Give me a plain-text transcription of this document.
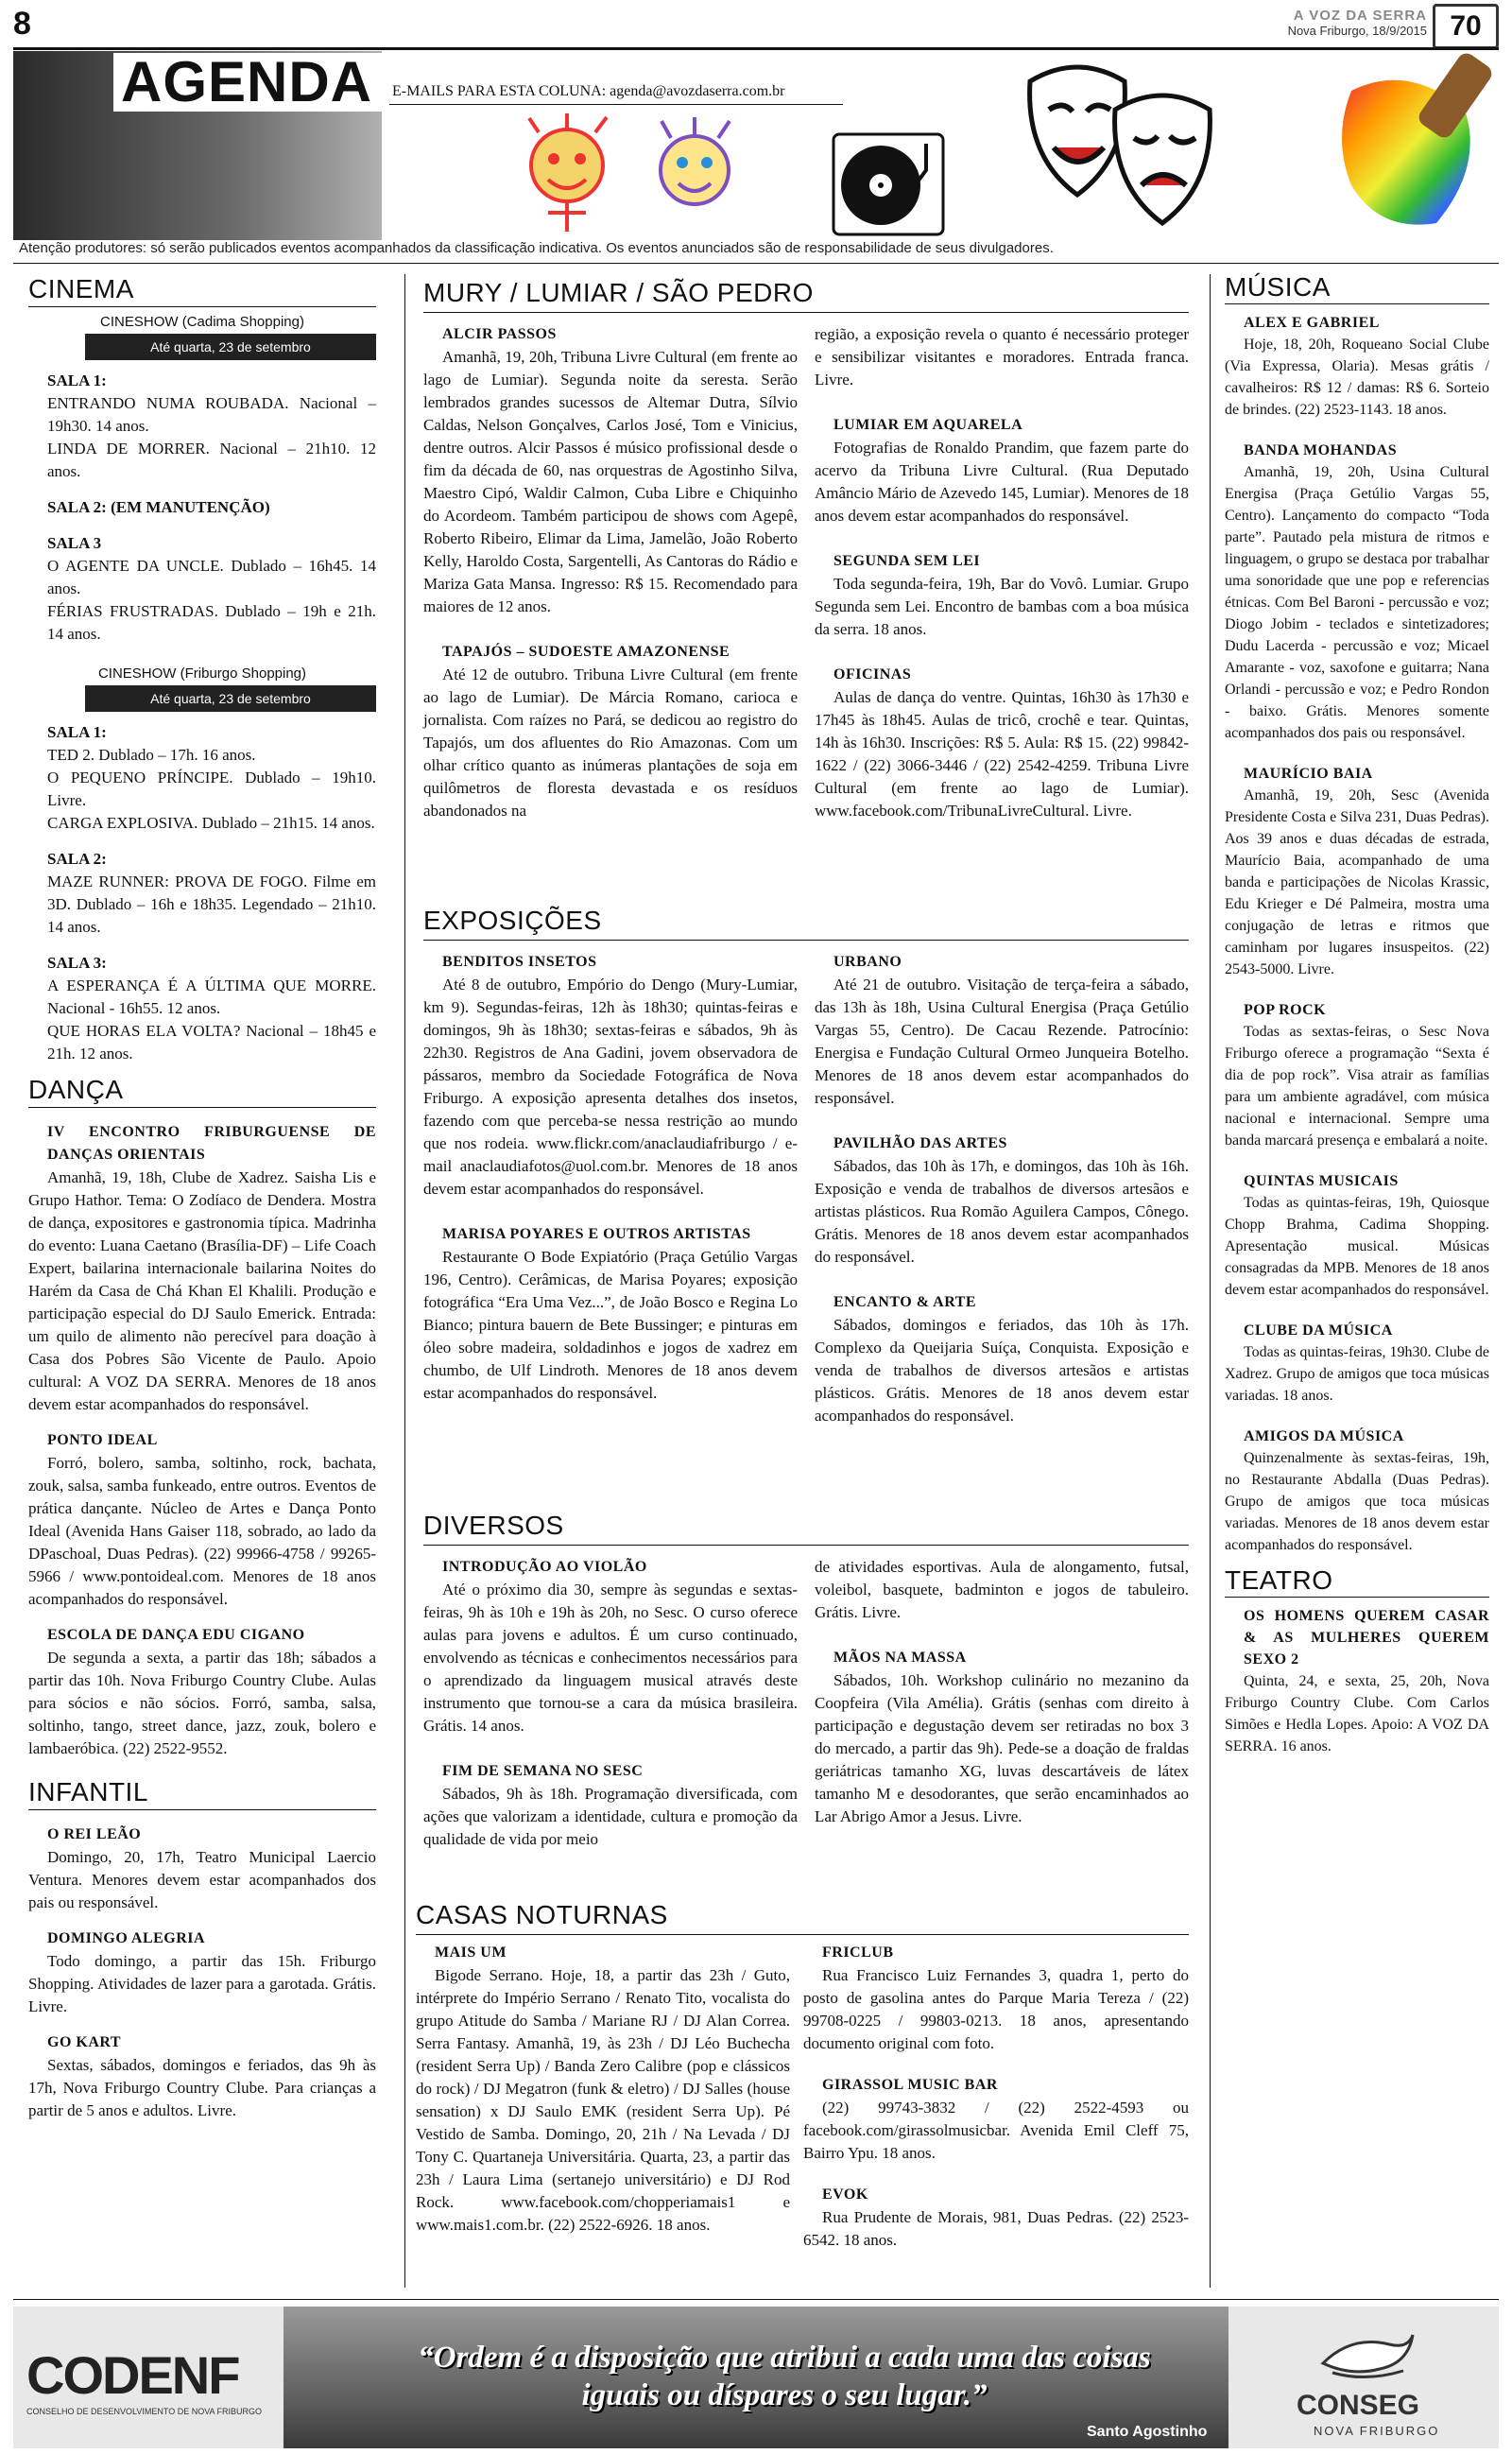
8	A VOZ DA SERRA
Nova Friburgo, 18/9/2015 70
AGENDA E-MAILS PARA ESTA COLUNA: agenda@avozdaserra.com.br
Atenção produtores: só serão publicados eventos acompanhados da classificação indicativa. Os eventos anunciados são de responsabilidade de seus divulgadores.
CINEMA
CINESHOW (Cadima Shopping)
Até quarta, 23 de setembro
SALA 1:
ENTRANDO NUMA ROUBADA. Nacional – 19h30. 14 anos.
LINDA DE MORRER. Nacional – 21h10. 12 anos.
SALA 2: (EM MANUTENÇÃO)
SALA 3
O AGENTE DA UNCLE. Dublado – 16h45. 14 anos.
FÉRIAS FRUSTRADAS. Dublado – 19h e 21h. 14 anos.
CINESHOW (Friburgo Shopping)
Até quarta, 23 de setembro
SALA 1:
TED 2. Dublado – 17h. 16 anos.
O PEQUENO PRÍNCIPE. Dublado – 19h10. Livre.
CARGA EXPLOSIVA. Dublado – 21h15. 14 anos.
SALA 2:
MAZE RUNNER: PROVA DE FOGO. Filme em 3D. Dublado – 16h e 18h35. Legendado – 21h10. 14 anos.
SALA 3:
A ESPERANÇA É A ÚLTIMA QUE MORRE. Nacional - 16h55. 12 anos.
QUE HORAS ELA VOLTA? Nacional – 18h45 e 21h. 12 anos.
DANÇA
IV ENCONTRO FRIBURGUENSE DE DANÇAS ORIENTAIS
Amanhã, 19, 18h, Clube de Xadrez. Saisha Lis e Grupo Hathor. Tema: O Zodíaco de Dendera. Mostra de dança, expositores e gastronomia típica. Madrinha do evento: Luana Caetano (Brasília-DF) – Life Coach Expert, bailarina internacionale bailarina Noites do Harém da Casa de Chá Khan El Khalili. Produção e participação especial do DJ Saulo Emerick. Entrada: um quilo de alimento não perecível para doação à Casa dos Pobres São Vicente de Paulo. Apoio cultural: A VOZ DA SERRA. Menores de 18 anos devem estar acompanhados do responsável.
PONTO IDEAL
Forró, bolero, samba, soltinho, rock, bachata, zouk, salsa, samba funkeado, entre outros. Eventos de prática dançante. Núcleo de Artes e Dança Ponto Ideal (Avenida Hans Gaiser 118, sobrado, ao lado da DPaschoal, Duas Pedras). (22) 99966-4758 / 99265-5966 / www.pontoideal.com. Menores de 18 anos acompanhados do responsável.
ESCOLA DE DANÇA EDU CIGANO
De segunda a sexta, a partir das 18h; sábados a partir das 10h. Nova Friburgo Country Clube. Aulas para sócios e não sócios. Forró, samba, salsa, soltinho, tango, street dance, jazz, zouk, bolero e lambaeróbica. (22) 2522-9552.
INFANTIL
O REI LEÃO
Domingo, 20, 17h, Teatro Municipal Laercio Ventura. Menores devem estar acompanhados dos pais ou responsável.
DOMINGO ALEGRIA
Todo domingo, a partir das 15h. Friburgo Shopping. Atividades de lazer para a garotada. Grátis. Livre.
GO KART
Sextas, sábados, domingos e feriados, das 9h às 17h, Nova Friburgo Country Clube. Para crianças a partir de 5 anos e adultos. Livre.
MURY / LUMIAR / SÃO PEDRO
ALCIR PASSOS
Amanhã, 19, 20h, Tribuna Livre Cultural (em frente ao lago de Lumiar). Segunda noite da seresta. Serão lembrados grandes sucessos de Altemar Dutra, Sílvio Caldas, Nelson Gonçalves, Carlos José, Tom e Vinicius, dentre outros. Alcir Passos é músico profissional desde o fim da década de 60, nas orquestras de Agostinho Silva, Maestro Cipó, Waldir Calmon, Cuba Libre e Chiquinho do Acordeom. Também participou de shows com Agepê, Roberto Ribeiro, Elimar da Lima, Jamelão, João Roberto Kelly, Haroldo Costa, Sargentelli, As Cantoras do Rádio e Mariza Gata Mansa. Ingresso: R$ 15. Recomendado para maiores de 12 anos.
TAPAJÓS – SUDOESTE AMAZONENSE
Até 12 de outubro. Tribuna Livre Cultural (em frente ao lago de Lumiar). De Márcia Romano, carioca e jornalista. Com raízes no Pará, se dedicou ao registro do Tapajós, um dos afluentes do Rio Amazonas. Com um olhar crítico quanto as inúmeras plantações de soja em quilômetros de floresta devastada e os resíduos abandonados na
região, a exposição revela o quanto é necessário proteger e sensibilizar visitantes e moradores. Entrada franca. Livre.
LUMIAR EM AQUARELA
Fotografias de Ronaldo Prandim, que fazem parte do acervo da Tribuna Livre Cultural. (Rua Deputado Amâncio Mário de Azevedo 145, Lumiar). Menores de 18 anos devem estar acompanhados do responsável.
SEGUNDA SEM LEI
Toda segunda-feira, 19h, Bar do Vovô. Lumiar. Grupo Segunda sem Lei. Encontro de bambas com a boa música da serra. 18 anos.
OFICINAS
Aulas de dança do ventre. Quintas, 16h30 às 17h30 e 17h45 às 18h45. Aulas de tricô, crochê e tear. Quintas, 14h às 16h30. Inscrições: R$ 5. Aula: R$ 15. (22) 99842-1622 / (22) 3066-3446 / (22) 2542-4259. Tribuna Livre Cultural (em frente ao lago de Lumiar). www.facebook.com/TribunaLivreCultural. Livre.
EXPOSIÇÕES
BENDITOS INSETOS
Até 8 de outubro, Empório do Dengo (Mury-Lumiar, km 9). Segundas-feiras, 12h às 18h30; quintas-feiras e domingos, 9h às 18h30; sextas-feiras e sábados, 9h às 22h30. Registros de Ana Gadini, jovem observadora de pássaros, membro da Sociedade Fotográfica de Nova Friburgo. A exposição apresenta detalhes dos insetos, fazendo com que perceba-se nessa restrição ao mundo que nos rodeia. www.flickr.com/anaclaudiafriburgo / e-mail anaclaudiafotos@uol.com.br. Menores de 18 anos devem estar acompanhados do responsável.
MARISA POYARES E OUTROS ARTISTAS
Restaurante O Bode Expiatório (Praça Getúlio Vargas 196, Centro). Cerâmicas, de Marisa Poyares; exposição fotográfica “Era Uma Vez...”, de João Bosco e Regina Lo Bianco; pintura bauern de Bete Bussinger; e pinturas em óleo sobre madeira, soldadinhos e jogos de xadrez em chumbo, de Ulf Lindroth. Menores de 18 anos devem estar acompanhados do responsável.
URBANO
Até 21 de outubro. Visitação de terça-feira a sábado, das 13h às 18h, Usina Cultural Energisa (Praça Getúlio Vargas 55, Centro). De Cacau Rezende. Patrocínio: Energisa e Fundação Cultural Ormeo Junqueira Botelho. Menores de 18 anos devem estar acompanhados do responsável.
PAVILHÃO DAS ARTES
Sábados, das 10h às 17h, e domingos, das 10h às 16h. Exposição e venda de trabalhos de diversos artesãos e artistas plásticos. Rua Romão Aguilera Campos, Cônego. Grátis. Menores de 18 anos devem estar acompanhados do responsável.
ENCANTO & ARTE
Sábados, domingos e feriados, das 10h às 17h. Complexo da Queijaria Suíça, Conquista. Exposição e venda de trabalhos de diversos artesãos e artistas plásticos. Grátis. Menores de 18 anos devem estar acompanhados do responsável.
DIVERSOS
INTRODUÇÃO AO VIOLÃO
Até o próximo dia 30, sempre às segundas e sextas-feiras, 9h às 10h e 19h às 20h, no Sesc. O curso oferece aulas para jovens e adultos. É um curso continuado, envolvendo as técnicas e conhecimentos necessários para o aprendizado da linguagem musical através deste instrumento que tornou-se a cara da música brasileira. Grátis. 14 anos.
FIM DE SEMANA NO SESC
Sábados, 9h às 18h. Programação diversificada, com ações que valorizam a identidade, cultura e promoção da qualidade de vida por meio
de atividades esportivas. Aula de alongamento, futsal, voleibol, basquete, badminton e jogos de tabuleiro. Grátis. Livre.
MÃOS NA MASSA
Sábados, 10h. Workshop culinário no mezanino da Coopfeira (Vila Amélia). Grátis (senhas com direito à participação e degustação devem ser retiradas no box 3 do mercado, a partir das 9h). Pede-se a doação de fraldas geriátricas tamanho XG, luvas descartáveis de látex tamanho M e desodorantes, que serão encaminhados ao Lar Abrigo Amor a Jesus. Livre.
CASAS NOTURNAS
MAIS UM
Bigode Serrano. Hoje, 18, a partir das 23h / Guto, intérprete do Império Serrano / Renato Tito, vocalista do grupo Atitude do Samba / Mariane RJ / DJ Alan Correa. Serra Fantasy. Amanhã, 19, às 23h / DJ Léo Buchecha (resident Serra Up) / Banda Zero Calibre (pop e clássicos do rock) / DJ Megatron (funk & eletro) / DJ Salles (house sensation) x DJ Saulo EMK (resident Serra Up). Pé Vestido de Samba. Domingo, 20, 21h / Na Levada / DJ Tony C. Quartaneja Universitária. Quarta, 23, a partir das 23h / Laura Lima (sertanejo universitário) e DJ Rod Rock. www.facebook.com/chopperiamais1 e www.mais1.com.br. (22) 2522-6926. 18 anos.
FRICLUB
Rua Francisco Luiz Fernandes 3, quadra 1, perto do posto de gasolina antes do Parque Maria Tereza / (22) 99708-0225 / 99803-0213. 18 anos, apresentando documento original com foto.
GIRASSOL MUSIC BAR
(22) 99743-3832 / (22) 2522-4593 ou facebook.com/girassolmusicbar. Avenida Emil Cleff 75, Bairro Ypu. 18 anos.
EVOK
Rua Prudente de Morais, 981, Duas Pedras. (22) 2523-6542. 18 anos.
MÚSICA
ALEX E GABRIEL
Hoje, 18, 20h, Roqueano Social Clube (Via Expressa, Olaria). Mesas grátis / cavalheiros: R$ 12 / damas: R$ 6. Sorteio de brindes. (22) 2523-1143. 18 anos.
BANDA MOHANDAS
Amanhã, 19, 20h, Usina Cultural Energisa (Praça Getúlio Vargas 55, Centro). Lançamento do compacto “Toda parte”. Pautado pela mistura de ritmos e linguagem, o grupo se destaca por trabalhar uma sonoridade que une pop e referencias étnicas. Com Bel Baroni - percussão e voz; Diogo Jobim - teclados e sintetizadores; Dudu Lacerda - percussão e voz; Micael Amarante - voz, saxofone e guitarra; Nana Orlandi - percussão e voz; e Pedro Rondon - baixo. Grátis. Menores somente acompanhados dos pais ou responsável.
MAURÍCIO BAIA
Amanhã, 19, 20h, Sesc (Avenida Presidente Costa e Silva 231, Duas Pedras). Aos 39 anos e duas décadas de estrada, Maurício Baia, acompanhado de uma banda e participações de Nicolas Krassic, Edu Krieger e Dé Palmeira, mostra uma conjugação de letras e ritmos que caminham por lugares insuspeitos. (22) 2543-5000. Livre.
POP ROCK
Todas as sextas-feiras, o Sesc Nova Friburgo oferece a programação “Sexta é dia de pop rock”. Visa atrair as famílias para um ambiente agradável, com música nacional e internacional. Sempre uma banda marcará presença e embalará a noite.
QUINTAS MUSICAIS
Todas as quintas-feiras, 19h, Quiosque Chopp Brahma, Cadima Shopping. Apresentação musical. Músicas consagradas da MPB. Menores de 18 anos devem estar acompanhados do responsável.
CLUBE DA MÚSICA
Todas as quintas-feiras, 19h30. Clube de Xadrez. Grupo de amigos que toca músicas variadas. 18 anos.
AMIGOS DA MÚSICA
Quinzenalmente às sextas-feiras, 19h, no Restaurante Abdalla (Duas Pedras). Grupo de amigos que toca músicas variadas. Menores de 18 anos devem estar acompanhados do responsável.
TEATRO
OS HOMENS QUEREM CASAR & AS MULHERES QUEREM SEXO 2
Quinta, 24, e sexta, 25, 20h, Nova Friburgo Country Clube. Com Carlos Simões e Hedla Lopes. Apoio: A VOZ DA SERRA. 16 anos.
CODENF
CONSELHO DE DESENVOLVIMENTO DE NOVA FRIBURGO
“Ordem é a disposição que atribui a cada uma das coisas iguais ou díspares o seu lugar.”
Santo Agostinho
CONSEG
NOVA FRIBURGO
